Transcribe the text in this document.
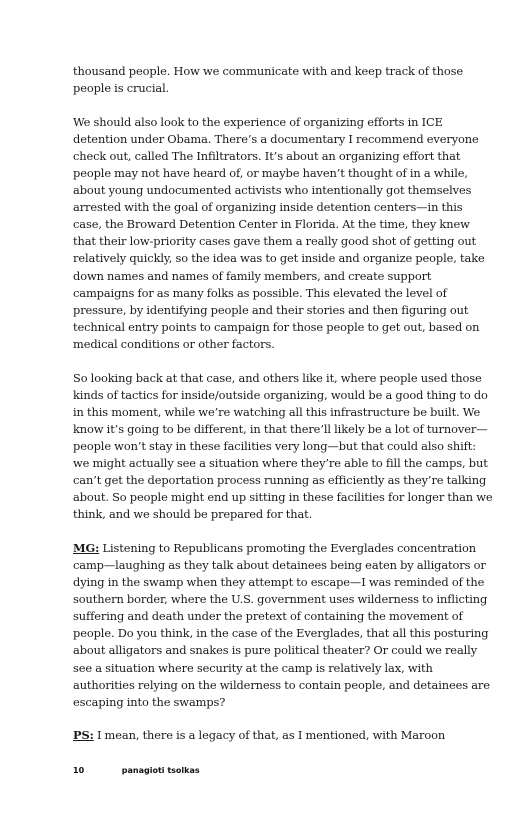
thousand people. How we communicate with and keep track of those people is crucial.

We should also look to the experience of organizing efforts in ICE detention under Obama. There’s a documentary I recommend everyone check out, called The Infiltrators. It’s about an organizing effort that people may not have heard of, or maybe haven’t thought of in a while, about young undocumented activists who intentionally got themselves arrested with the goal of organizing inside detention centers—in this case, the Broward Detention Center in Florida. At the time, they knew that their low-priority cases gave them a really good shot of getting out relatively quickly, so the idea was to get inside and organize people, take down names and names of family members, and create support campaigns for as many folks as possible. This elevated the level of pressure, by identifying people and their stories and then figuring out technical entry points to campaign for those people to get out, based on medical conditions or other factors.

So looking back at that case, and others like it, where people used those kinds of tactics for inside/outside organizing, would be a good thing to do in this moment, while we’re watching all this infrastructure be built. We know it’s going to be different, in that there’ll likely be a lot of turnover—people won’t stay in these facilities very long—but that could also shift: we might actually see a situation where they’re able to fill the camps, but can’t get the deportation process running as efficiently as they’re talking about. So people might end up sitting in these facilities for longer than we think, and we should be prepared for that.

MG: Listening to Republicans promoting the Everglades concentration camp—laughing as they talk about detainees being eaten by alligators or dying in the swamp when they attempt to escape—I was reminded of the southern border, where the U.S. government uses wilderness to inflicting suffering and death under the pretext of containing the movement of people. Do you think, in the case of the Everglades, that all this posturing about alligators and snakes is pure political theater? Or could we really see a situation where security at the camp is relatively lax, with authorities relying on the wilderness to contain people, and detainees are escaping into the swamps?

PS: I mean, there is a legacy of that, as I mentioned, with Maroon

10	panagioti tsolkas
